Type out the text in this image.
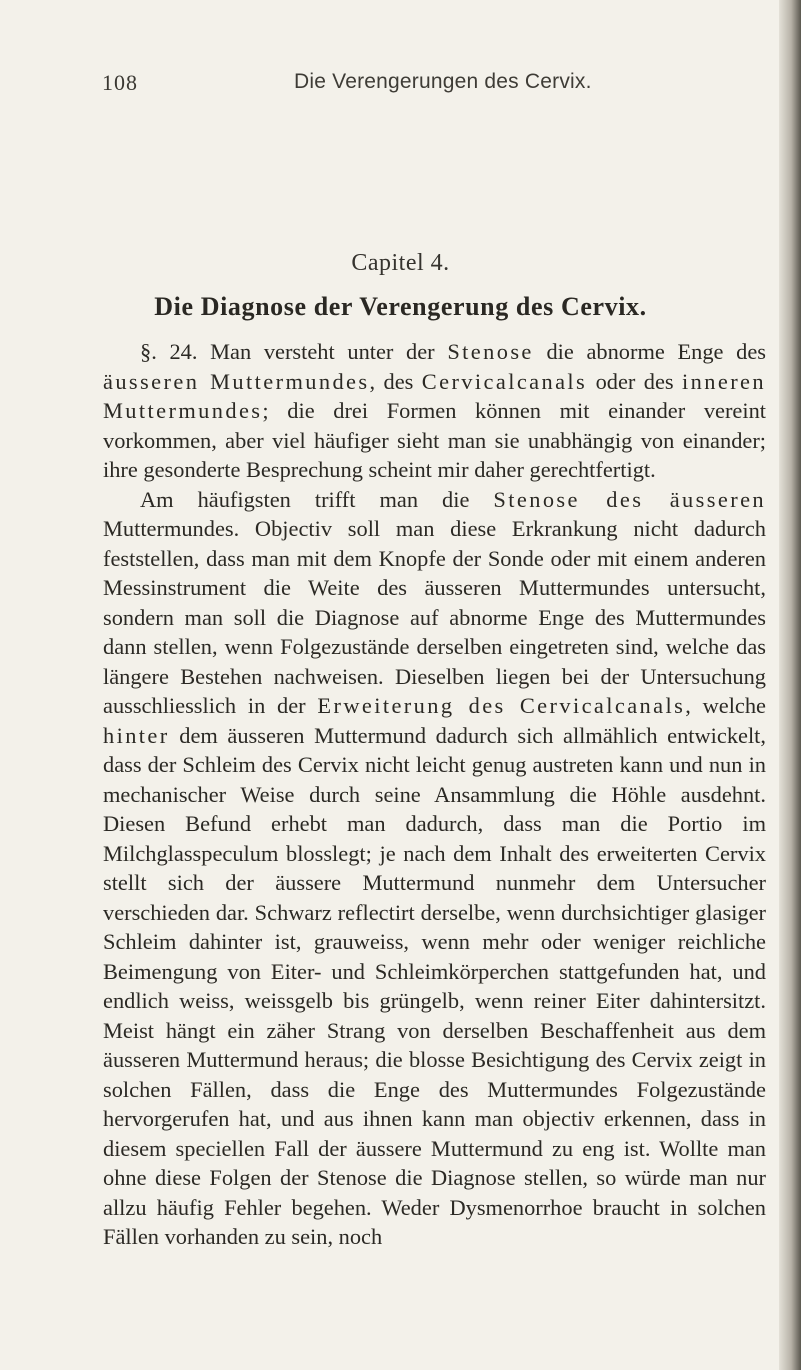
108	Die Verengerungen des Cervix.
Capitel 4.
Die Diagnose der Verengerung des Cervix.

§. 24. Man versteht unter der Stenose die abnorme Enge des äusseren Muttermundes, des Cervicalcanals oder des inneren Muttermundes; die drei Formen können mit einander vereint vorkommen, aber viel häufiger sieht man sie unabhängig von einander; ihre gesonderte Besprechung scheint mir daher gerechtfertigt.

Am häufigsten trifft man die Stenose des äusseren Muttermundes. Objectiv soll man diese Erkrankung nicht dadurch feststellen, dass man mit dem Knopfe der Sonde oder mit einem anderen Messinstrument die Weite des äusseren Muttermundes untersucht, sondern man soll die Diagnose auf abnorme Enge des Muttermundes dann stellen, wenn Folgezustände derselben eingetreten sind, welche das längere Bestehen nachweisen. Dieselben liegen bei der Untersuchung ausschliesslich in der Erweiterung des Cervicalcanals, welche hinter dem äusseren Muttermund dadurch sich allmählich entwickelt, dass der Schleim des Cervix nicht leicht genug austreten kann und nun in mechanischer Weise durch seine Ansammlung die Höhle ausdehnt. Diesen Befund erhebt man dadurch, dass man die Portio im Milchglasspeculum blosslegt; je nach dem Inhalt des erweiterten Cervix stellt sich der äussere Muttermund nunmehr dem Untersucher verschieden dar. Schwarz reflectirt derselbe, wenn durchsichtiger glasiger Schleim dahinter ist, grauweiss, wenn mehr oder weniger reichliche Beimengung von Eiter- und Schleimkörperchen stattgefunden hat, und endlich weiss, weissgelb bis grüngelb, wenn reiner Eiter dahintersitzt. Meist hängt ein zäher Strang von derselben Beschaffenheit aus dem äusseren Muttermund heraus; die blosse Besichtigung des Cervix zeigt in solchen Fällen, dass die Enge des Muttermundes Folgezustände hervorgerufen hat, und aus ihnen kann man objectiv erkennen, dass in diesem speciellen Fall der äussere Muttermund zu eng ist. Wollte man ohne diese Folgen der Stenose die Diagnose stellen, so würde man nur allzu häufig Fehler begehen. Weder Dysmenorrhoe braucht in solchen Fällen vorhanden zu sein, noch
